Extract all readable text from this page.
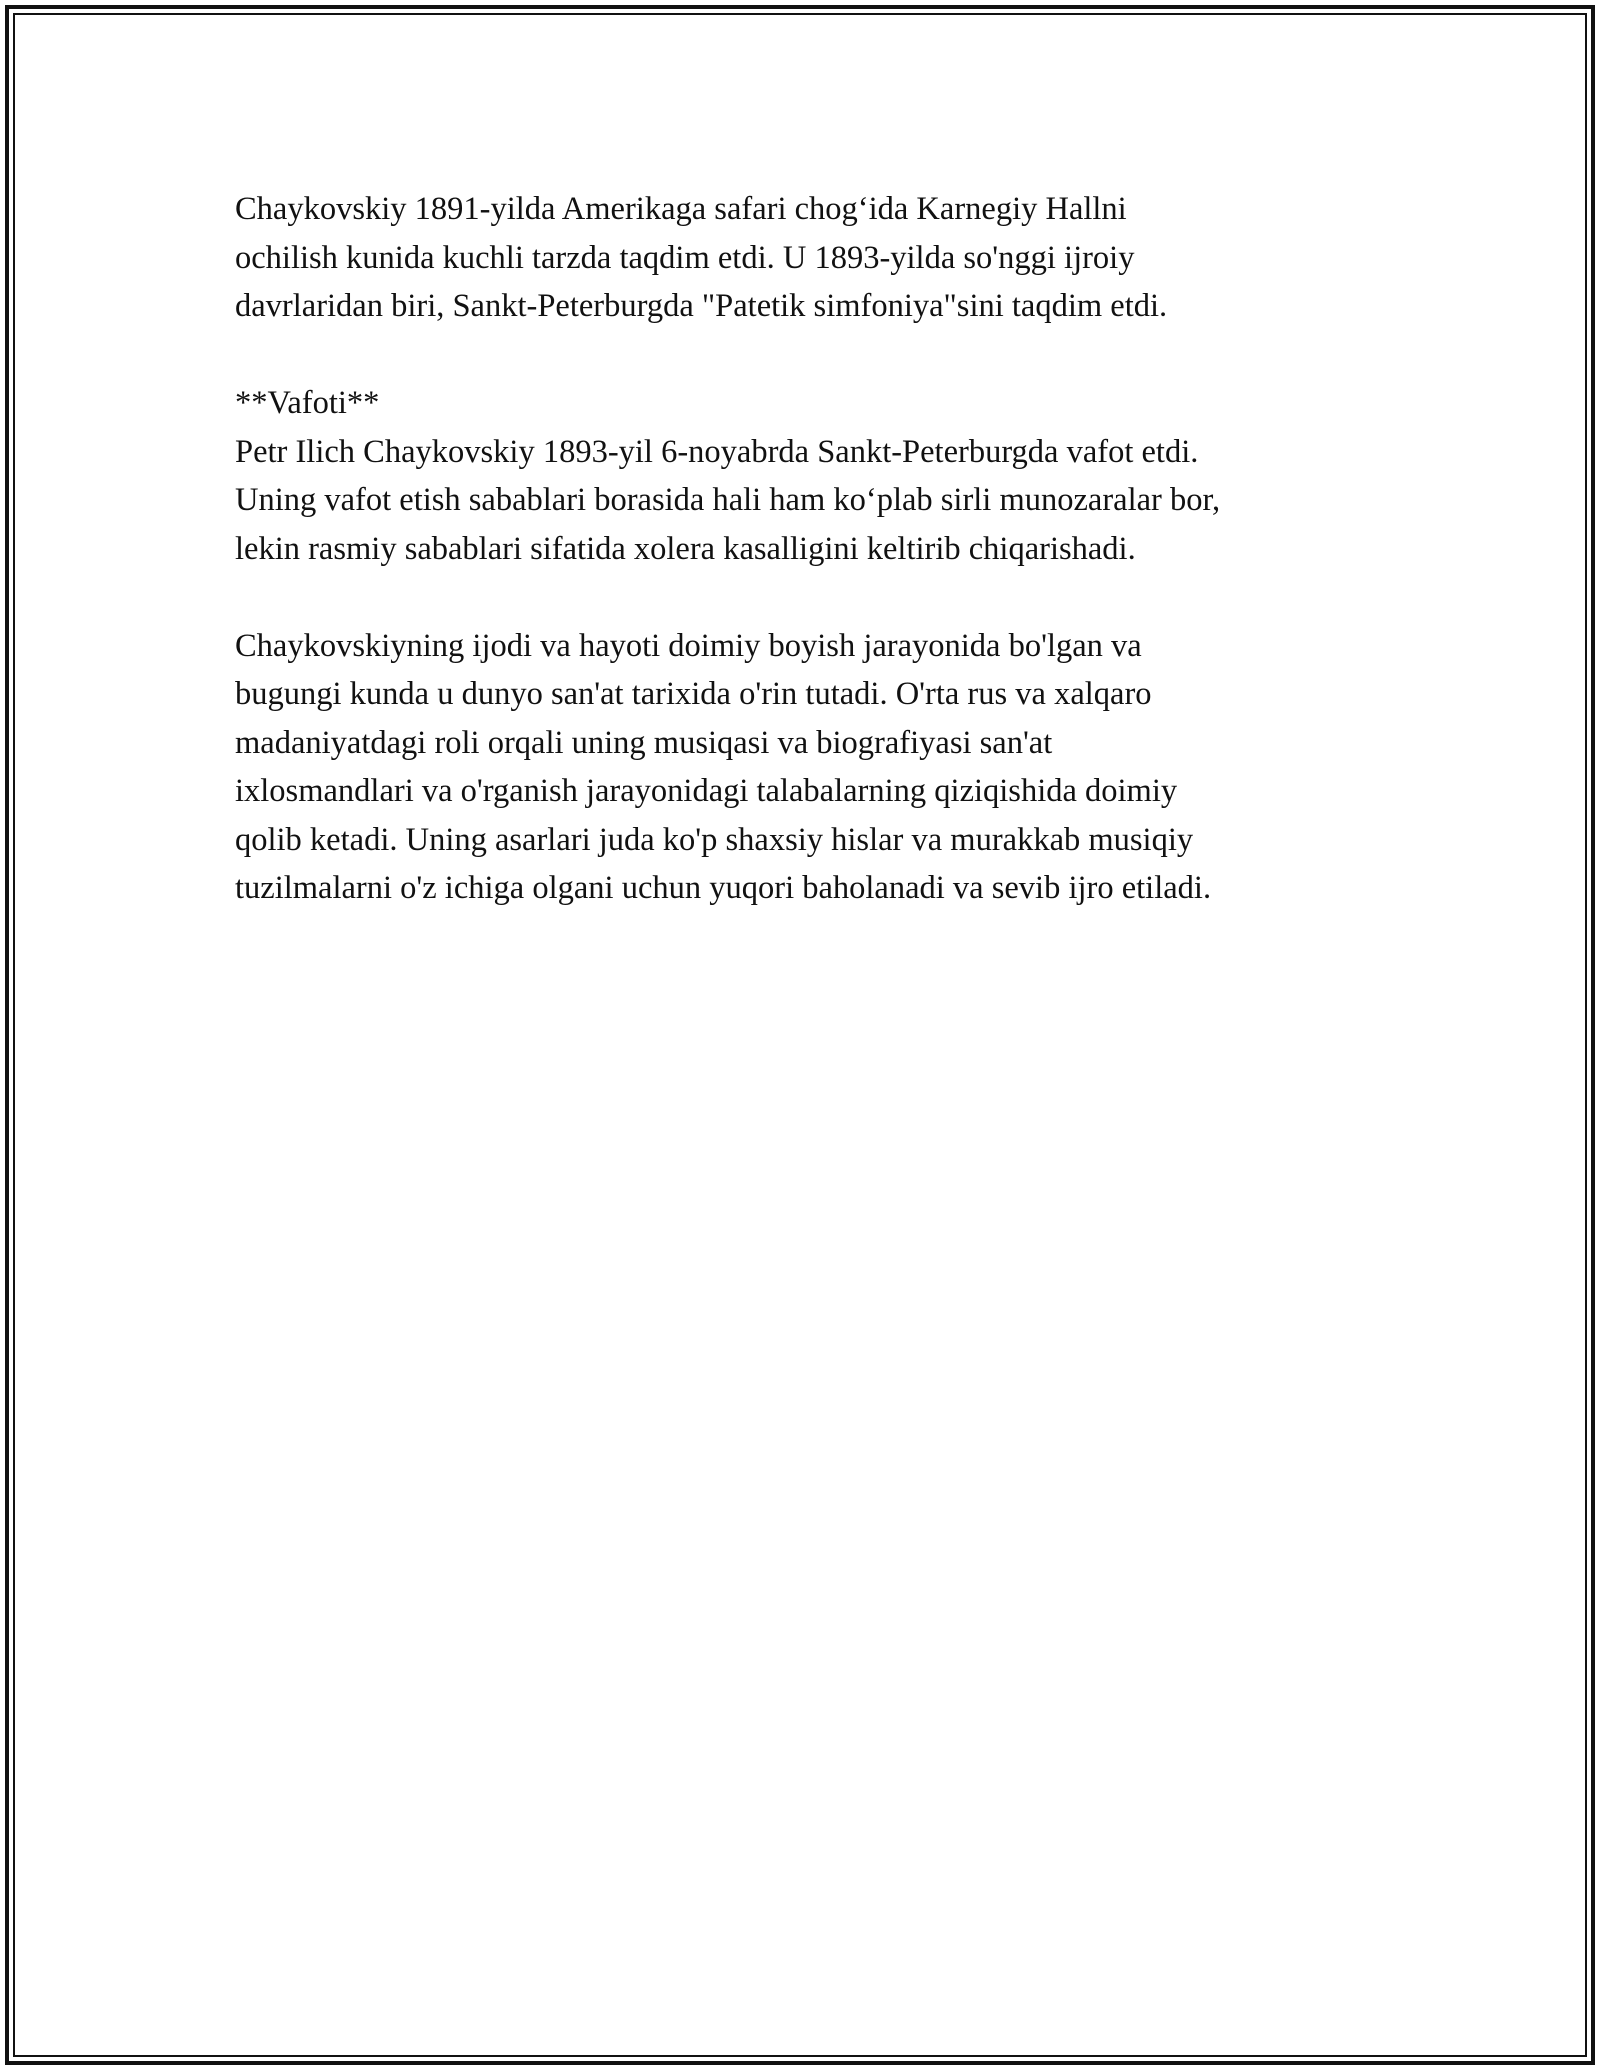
Chaykovskiy 1891-yilda Amerikaga safari chog‘ida Karnegiy Hallni
ochilish kunida kuchli tarzda taqdim etdi. U 1893-yilda so'nggi ijroiy
davrlaridan biri, Sankt-Peterburgda "Patetik simfoniya"sini taqdim etdi.

**Vafoti**
Petr Ilich Chaykovskiy 1893-yil 6-noyabrda Sankt-Peterburgda vafot etdi.
Uning vafot etish sabablari borasida hali ham ko‘plab sirli munozaralar bor,
lekin rasmiy sabablari sifatida xolera kasalligini keltirib chiqarishadi.

Chaykovskiyning ijodi va hayoti doimiy boyish jarayonida bo'lgan va
bugungi kunda u dunyo san'at tarixida o'rin tutadi. O'rta rus va xalqaro
madaniyatdagi roli orqali uning musiqasi va biografiyasi san'at
ixlosmandlari va o'rganish jarayonidagi talabalarning qiziqishida doimiy
qolib ketadi. Uning asarlari juda ko'p shaxsiy hislar va murakkab musiqiy
tuzilmalarni o'z ichiga olgani uchun yuqori baholanadi va sevib ijro etiladi.
